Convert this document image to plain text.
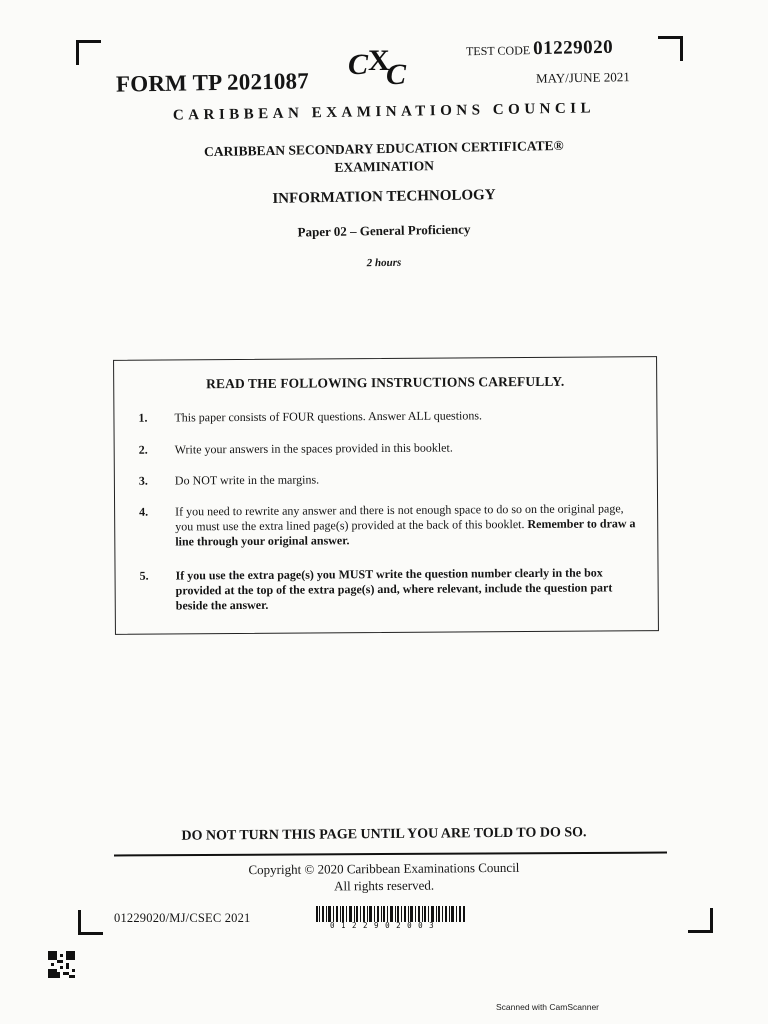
FORM TP 2021087
C X
C
TEST CODE 01229020
MAY/JUNE 2021
CARIBBEAN EXAMINATIONS COUNCIL
CARIBBEAN SECONDARY EDUCATION CERTIFICATE®
EXAMINATION
INFORMATION TECHNOLOGY
Paper 02 – General Proficiency
2 hours
READ THE FOLLOWING INSTRUCTIONS CAREFULLY.
1. This paper consists of FOUR questions. Answer ALL questions.
2. Write your answers in the spaces provided in this booklet.
3. Do NOT write in the margins.
4. If you need to rewrite any answer and there is not enough space to do so on the original page, you must use the extra lined page(s) provided at the back of this booklet. Remember to draw a line through your original answer.
5. If you use the extra page(s) you MUST write the question number clearly in the box provided at the top of the extra page(s) and, where relevant, include the question part beside the answer.
DO NOT TURN THIS PAGE UNTIL YOU ARE TOLD TO DO SO.
Copyright © 2020 Caribbean Examinations Council
All rights reserved.
01229020/MJ/CSEC 2021
0122902003
Scanned with CamScanner
